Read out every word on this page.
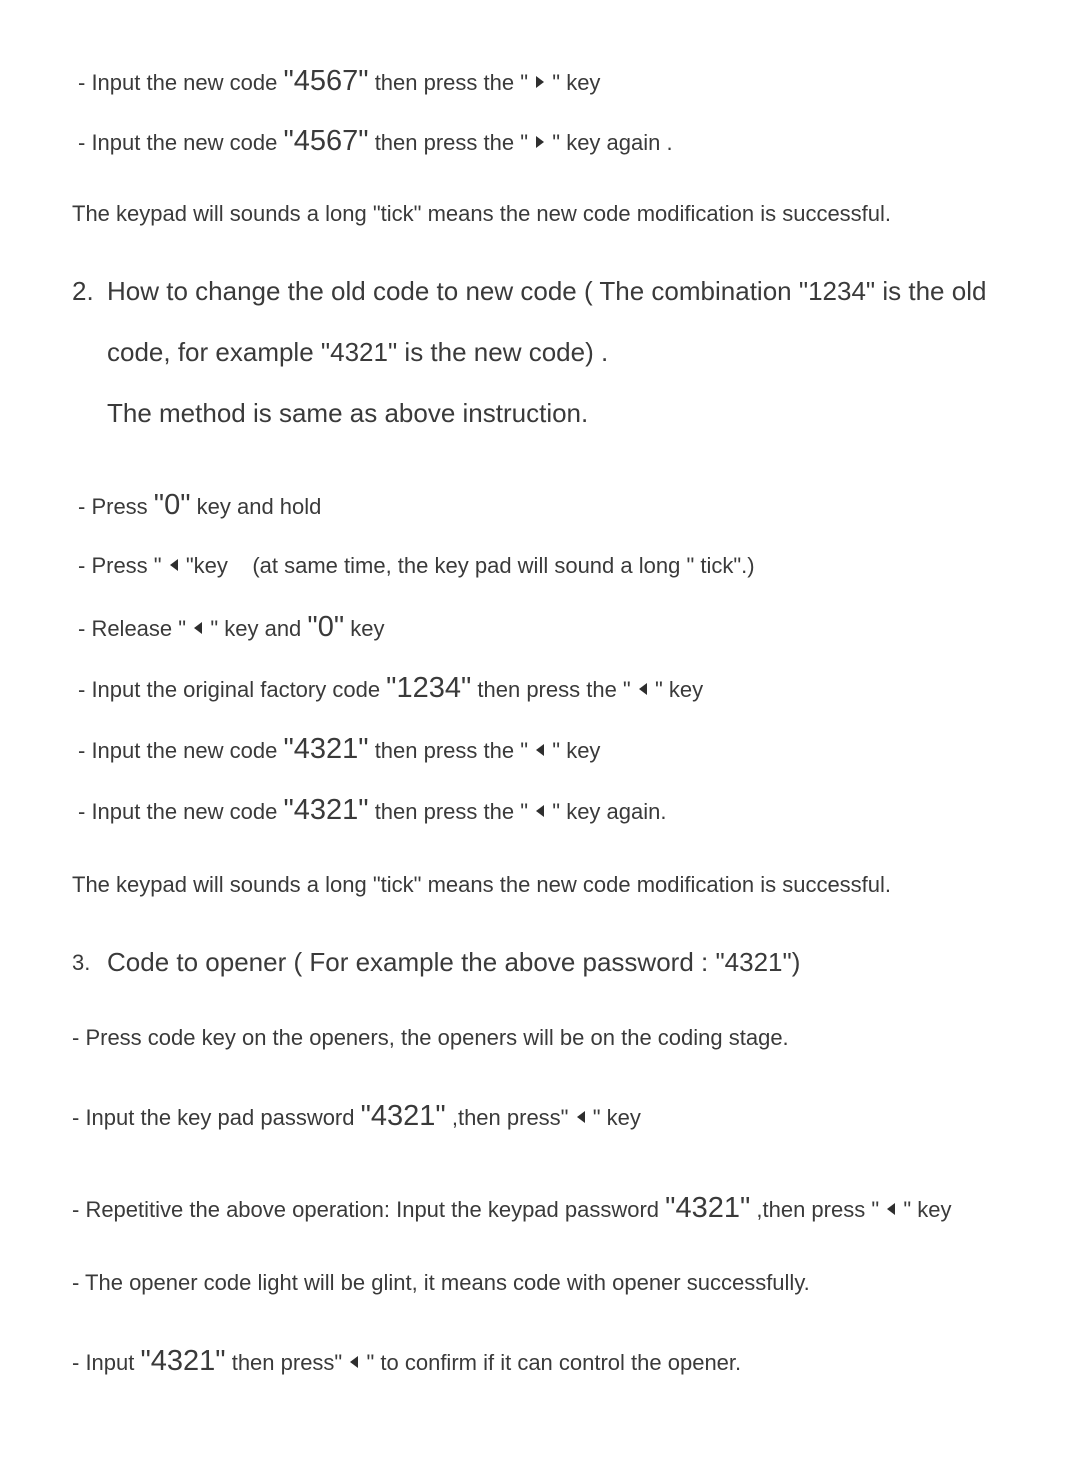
- Input the new code "4567" then press the "  " key
- Input the new code "4567" then press the "  " key again .
The keypad will sounds a long "tick" means the new code modification is successful.
2. How to change the old code to new code ( The combination "1234" is the old
code, for example "4321" is the new code) .
The method is same as above instruction.
- Press "0" key and hold
- Press "  "key    (at same time, the key pad will sound a long " tick".)
- Release "  " key and "0" key
- Input the original factory code "1234" then press the "  " key
- Input the new code "4321" then press the "  " key
- Input the new code "4321" then press the "  " key again.
The keypad will sounds a long "tick" means the new code modification is successful.
3. Code to opener ( For example the above password : "4321")
- Press code key on the openers, the openers will be on the coding stage.
- Input the key pad password "4321" ,then press"  " key
- Repetitive the above operation: Input the keypad password "4321" ,then press "  " key
- The opener code light will be glint, it means code with opener successfully.
- Input "4321" then press"  " to confirm if it can control the opener.
